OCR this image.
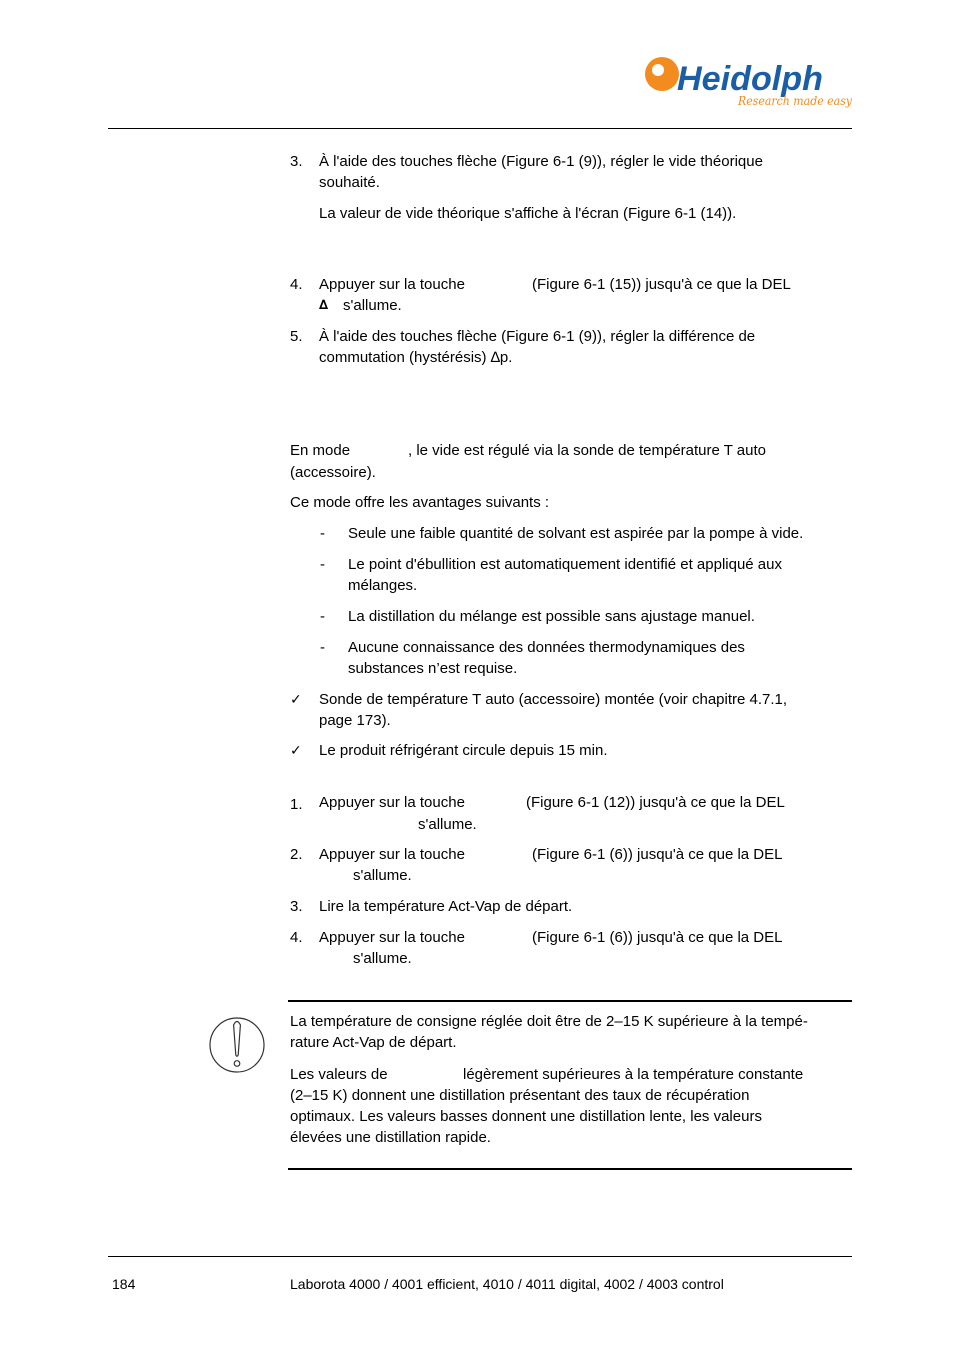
Heidolph
Research made easy
3. À l'aide des touches flèche (Figure 6-1 (9)), régler le vide théorique
souhaité.
La valeur de vide théorique s'affiche à l'écran (Figure 6-1 (14)).
4. Appuyer sur la touche	(Figure 6-1 (15)) jusqu'à ce que la DEL
∆ s'allume.
5. À l'aide des touches flèche (Figure 6-1 (9)), régler la différence de
commutation (hystérésis) ∆p.
En mode	, le vide est régulé via la sonde de température T auto
(accessoire).
Ce mode offre les avantages suivants :
- Seule une faible quantité de solvant est aspirée par la pompe à vide.
- Le point d'ébullition est automatiquement identifié et appliqué aux
mélanges.
- La distillation du mélange est possible sans ajustage manuel.
- Aucune connaissance des données thermodynamiques des
substances n’est requise.
✓ Sonde de température T auto (accessoire) montée (voir chapitre 4.7.1,
page 173).
✓ Le produit réfrigérant circule depuis 15 min.
1. Appuyer sur la touche	(Figure 6-1 (12)) jusqu'à ce que la DEL
s'allume.
2. Appuyer sur la touche	(Figure 6-1 (6)) jusqu'à ce que la DEL
s'allume.
3. Lire la température Act-Vap de départ.
4. Appuyer sur la touche	(Figure 6-1 (6)) jusqu'à ce que la DEL
s'allume.
La température de consigne réglée doit être de 2–15 K supérieure à la tempé-
rature Act-Vap de départ.
Les valeurs de	légèrement supérieures à la température constante
(2–15 K) donnent une distillation présentant des taux de récupération
optimaux. Les valeurs basses donnent une distillation lente, les valeurs
élevées une distillation rapide.
184	Laborota 4000 / 4001 efficient, 4010 / 4011 digital, 4002 / 4003 control
